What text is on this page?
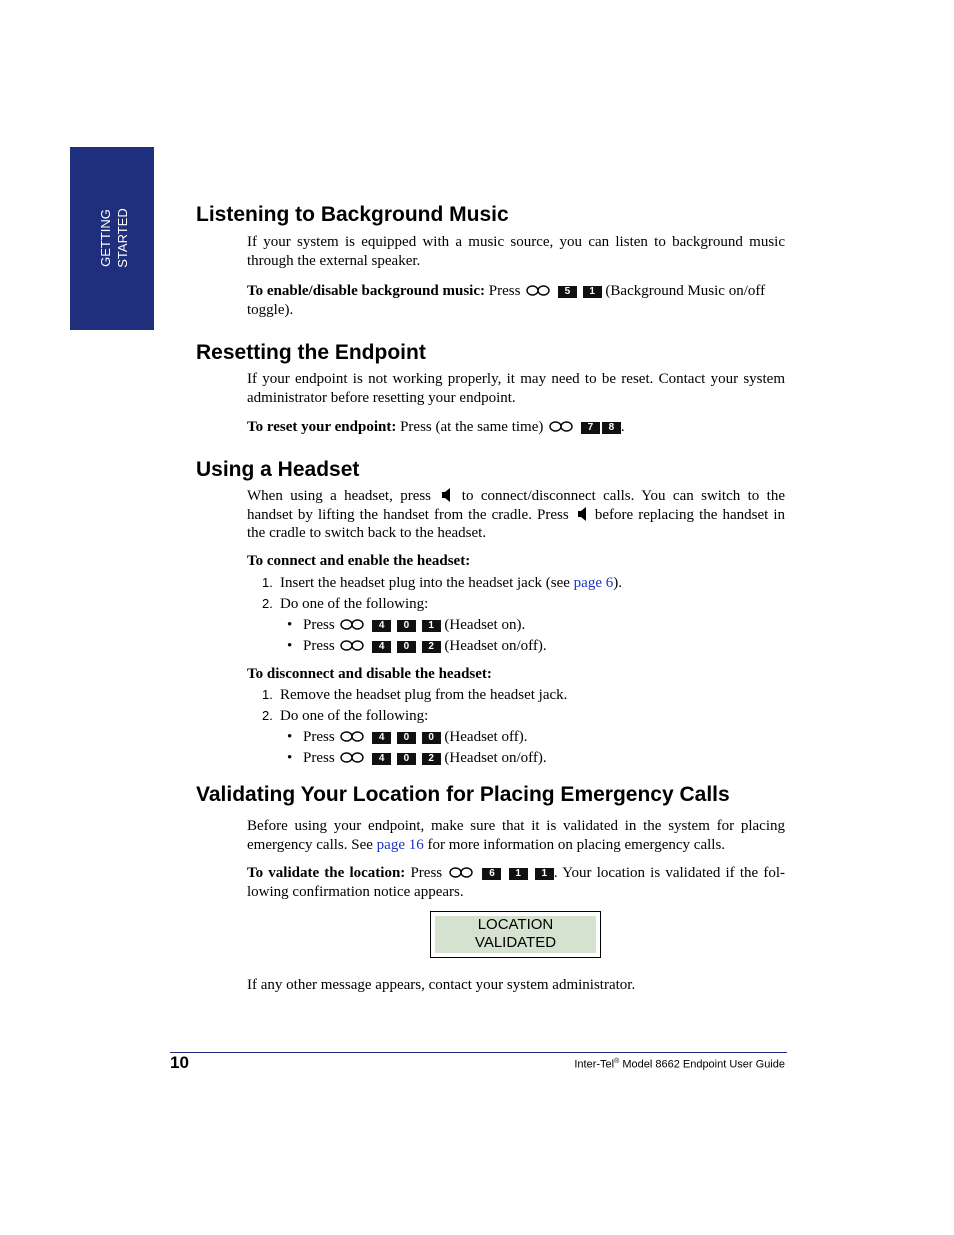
GETTING STARTED	Listening to Background Music

If your system is equipped with a music source, you can listen to background music through the external speaker.

To enable/disable background music: Press	5 1 (Background Music on/off toggle).

Resetting the Endpoint

If your endpoint is not working properly, it may need to be reset. Contact your system administrator before resetting your endpoint.

To reset your endpoint: Press (at the same time)	7 8 .

Using a Headset

When using a headset, press to connect/disconnect calls. You can switch to the handset by lifting the handset from the cradle. Press before replacing the handset in the cradle to switch back to the headset.

To connect and enable the headset:

1. Insert the headset plug into the headset jack (see page 6).
2. Do one of the following:
• Press	4 0 1 (Headset on).
• Press	4 0 2 (Headset on/off).

To disconnect and disable the headset:

1. Remove the headset plug from the headset jack.
2. Do one of the following:
• Press	4 0 0 (Headset off).
• Press	4 0 2 (Headset on/off).
Validating Your Location for Placing Emergency Calls

Before using your endpoint, make sure that it is validated in the system for placing emergency calls. See page 16 for more information on placing emergency calls.

To validate the location: Press	6 1 1 . Your location is validated if the fol-lowing confirmation notice appears.

LOCATION
VALIDATED

If any other message appears, contact your system administrator.

10	Inter-Tel® Model 8662 Endpoint User Guide
